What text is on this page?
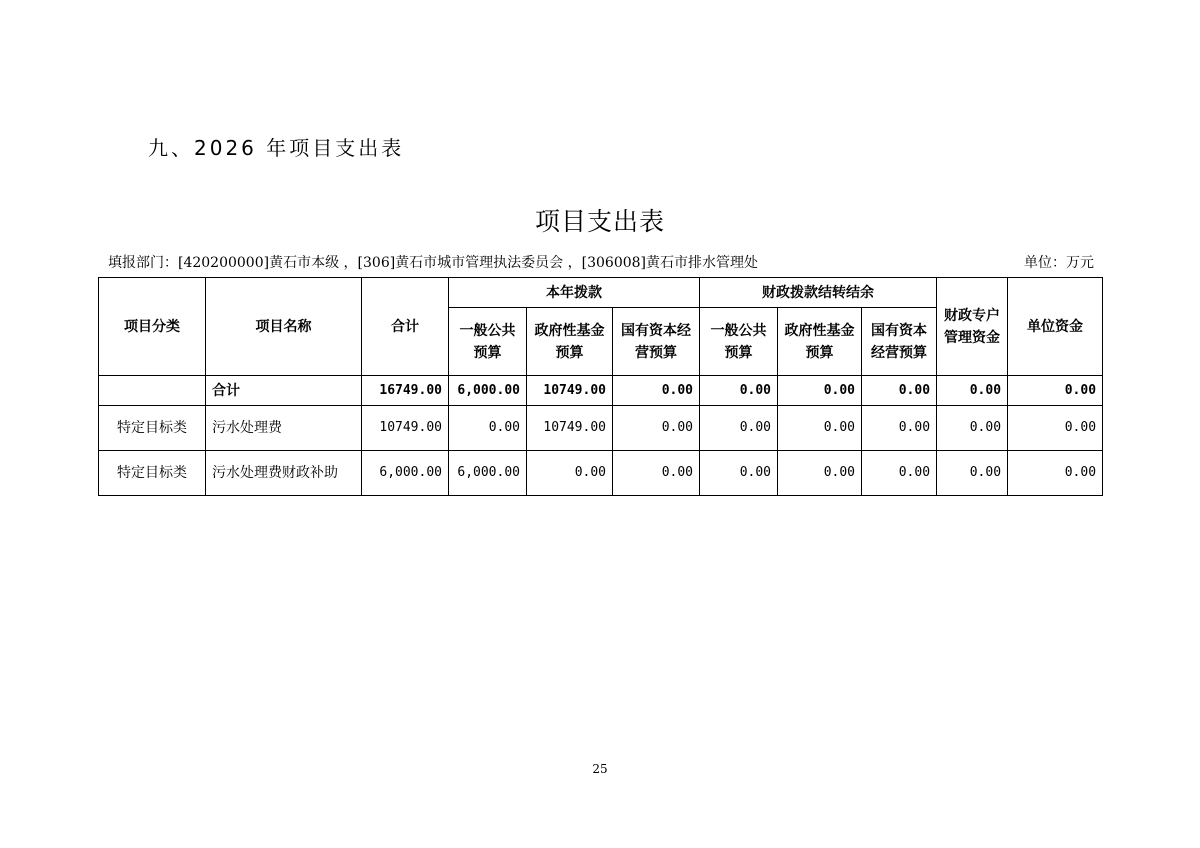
九、2026 年项目支出表
项目支出表
填报部门：[420200000]黄石市本级 ，[306]黄石市城市管理执法委员会 ，[306008]黄石市排水管理处	单位：万元
项目分类	项目名称	合计	本年拨款			财政拨款结转结余			财政专户管理资金	单位资金
			一般公共预算	政府性基金预算	国有资本经营预算	一般公共预算	政府性基金预算	国有资本经营预算		
	合计	16749.00	6,000.00	10749.00	0.00	0.00	0.00	0.00	0.00	0.00
特定目标类	污水处理费	10749.00	0.00	10749.00	0.00	0.00	0.00	0.00	0.00	0.00
特定目标类	污水处理费财政补助	6,000.00	6,000.00	0.00	0.00	0.00	0.00	0.00	0.00	0.00
25
